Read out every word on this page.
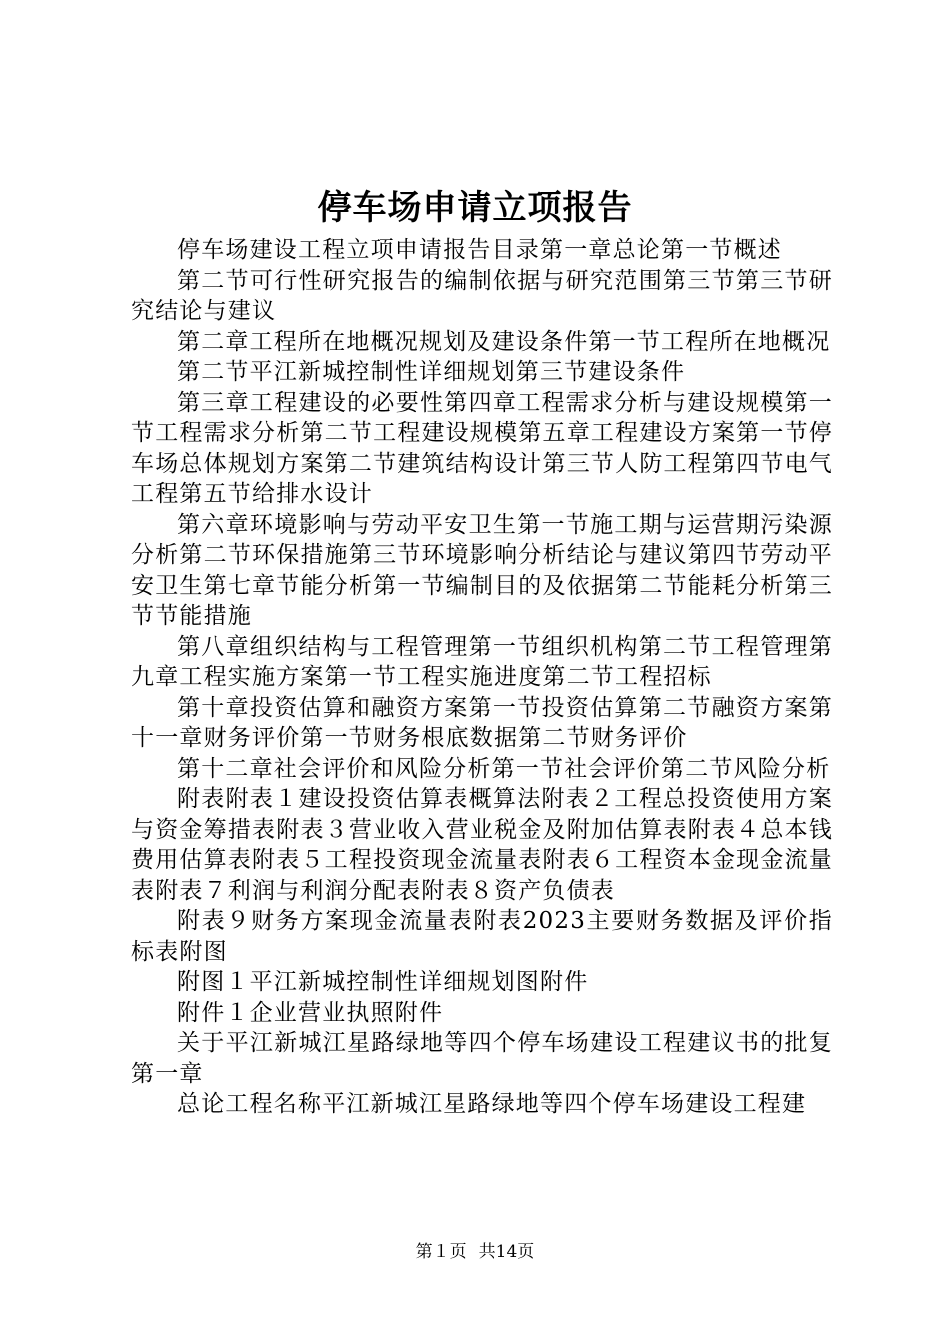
停车场申请立项报告

停车场建设工程立项申请报告目录第一章总论第一节概述

第二节可行性研究报告的编制依据与研究范围第三节第三节研究结论与建议

第二章工程所在地概况规划及建设条件第一节工程所在地概况

第二节平江新城控制性详细规划第三节建设条件

第三章工程建设的必要性第四章工程需求分析与建设规模第一节工程需求分析第二节工程建设规模第五章工程建设方案第一节停车场总体规划方案第二节建筑结构设计第三节人防工程第四节电气工程第五节给排水设计

第六章环境影响与劳动平安卫生第一节施工期与运营期污染源分析第二节环保措施第三节环境影响分析结论与建议第四节劳动平安卫生第七章节能分析第一节编制目的及依据第二节能耗分析第三节节能措施

第八章组织结构与工程管理第一节组织机构第二节工程管理第九章工程实施方案第一节工程实施进度第二节工程招标

第十章投资估算和融资方案第一节投资估算第二节融资方案第十一章财务评价第一节财务根底数据第二节财务评价

第十二章社会评价和风险分析第一节社会评价第二节风险分析

附表附表１建设投资估算表概算法附表２工程总投资使用方案与资金筹措表附表３营业收入营业税金及附加估算表附表４总本钱费用估算表附表５工程投资现金流量表附表６工程资本金现金流量表附表７利润与利润分配表附表８资产负债表

附表９财务方案现金流量表附表2023主要财务数据及评价指标表附图

附图１平江新城控制性详细规划图附件

附件１企业营业执照附件

关于平江新城江星路绿地等四个停车场建设工程建议书的批复第一章

总论工程名称平江新城江星路绿地等四个停车场建设工程建

第１页 共14页
